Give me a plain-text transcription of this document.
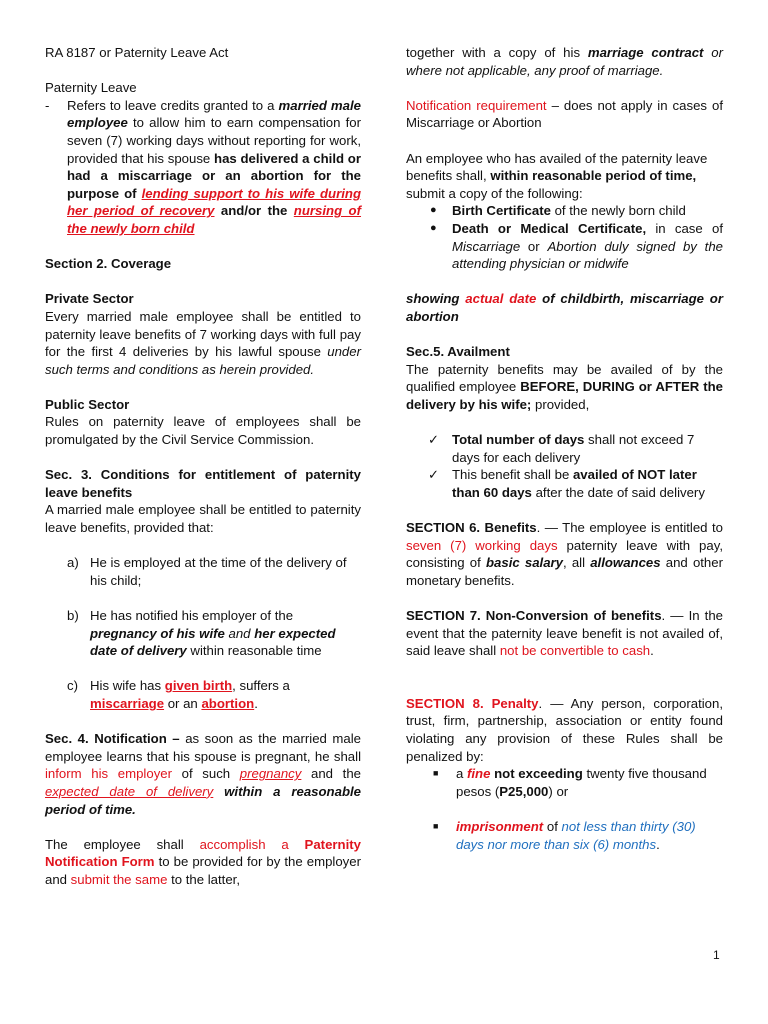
RA 8187 or Paternity Leave Act

Paternity Leave

- Refers to leave credits granted to a married male employee to allow him to earn compensation for seven (7) working days without reporting for work, provided that his spouse has delivered a child or had a miscarriage or an abortion for the purpose of lending support to his wife during her period of recovery and/or the nursing of the newly born child

Section 2. Coverage

Private Sector

Every married male employee shall be entitled to paternity leave benefits of 7 working days with full pay for the first 4 deliveries by his lawful spouse under such terms and conditions as herein provided.

Public Sector

Rules on paternity leave of employees shall be promulgated by the Civil Service Commission.

Sec. 3. Conditions for entitlement of paternity leave benefits

A married male employee shall be entitled to paternity leave benefits, provided that:

a) He is employed at the time of the delivery of his child;
b) He has notified his employer of the pregnancy of his wife and her expected date of delivery within reasonable time
c) His wife has given birth, suffers a miscarriage or an abortion.

Sec. 4. Notification – as soon as the married male employee learns that his spouse is pregnant, he shall inform his employer of such pregnancy and the expected date of delivery within a reasonable period of time.

The employee shall accomplish a Paternity Notification Form to be provided for by the employer and submit the same to the latter,

together with a copy of his marriage contract or where not applicable, any proof of marriage.

Notification requirement – does not apply in cases of Miscarriage or Abortion

An employee who has availed of the paternity leave benefits shall, within reasonable period of time, submit a copy of the following:

● Birth Certificate of the newly born child
● Death or Medical Certificate, in case of Miscarriage or Abortion duly signed by the attending physician or midwife

showing actual date of childbirth, miscarriage or abortion

Sec.5. Availment

The paternity benefits may be availed of by the qualified employee BEFORE, DURING or AFTER the delivery by his wife; provided,

✓ Total number of days shall not exceed 7 days for each delivery
✓ This benefit shall be availed of NOT later than 60 days after the date of said delivery

SECTION 6. Benefits. — The employee is entitled to seven (7) working days paternity leave with pay, consisting of basic salary, all allowances and other monetary benefits.

SECTION 7. Non-Conversion of benefits. — In the event that the paternity leave benefit is not availed of, said leave shall not be convertible to cash.

SECTION 8. Penalty. — Any person, corporation, trust, firm, partnership, association or entity found violating any provision of these Rules shall be penalized by:

■ a fine not exceeding twenty five thousand pesos (P25,000) or
■ imprisonment of not less than thirty (30) days nor more than six (6) months.
1
